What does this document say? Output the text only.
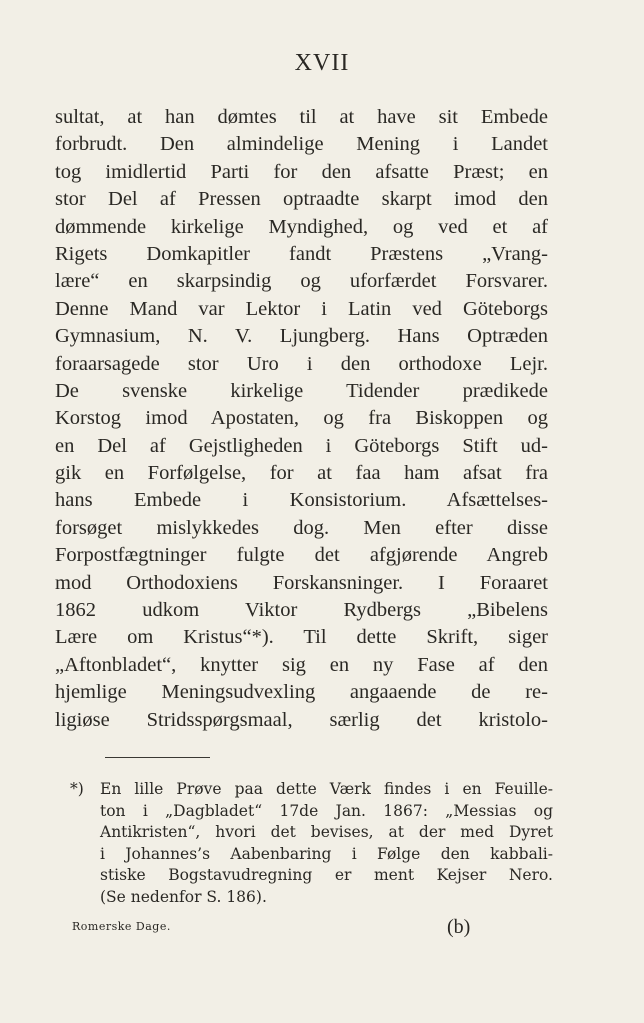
XVII
sultat, at han dømtes til at have sit Embede
forbrudt. Den almindelige Mening i Landet
tog imidlertid Parti for den afsatte Præst; en
stor Del af Pressen optraadte skarpt imod den
dømmende kirkelige Myndighed, og ved et af
Rigets Domkapitler fandt Præstens „Vrang-
lære“ en skarpsindig og uforfærdet Forsvarer.
Denne Mand var Lektor i Latin ved Göteborgs
Gymnasium, N. V. Ljungberg. Hans Optræden
foraarsagede stor Uro i den orthodoxe Lejr.
De svenske kirkelige Tidender prædikede
Korstog imod Apostaten, og fra Biskoppen og
en Del af Gejstligheden i Göteborgs Stift ud-
gik en Forfølgelse, for at faa ham afsat fra
hans Embede i Konsistorium. Afsættelses-
forsøget mislykkedes dog. Men efter disse
Forpostfægtninger fulgte det afgjørende Angreb
mod Orthodoxiens Forskansninger. I Foraaret
1862 udkom Viktor Rydbergs „Bibelens
Lære om Kristus“*). Til dette Skrift, siger
„Aftonbladet“, knytter sig en ny Fase af den
hjemlige Meningsudvexling angaaende de re-
ligiøse Stridsspørgsmaal, særlig det kristolo-
*) En lille Prøve paa dette Værk findes i en Feuille-
ton i „Dagbladet“ 17de Jan. 1867: „Messias og
Antikristen“, hvori det bevises, at der med Dyret
i Johannes’s Aabenbaring i Følge den kabbali-
stiske Bogstavudregning er ment Kejser Nero.
(Se nedenfor S. 186).
Romerske Dage.	(b)
